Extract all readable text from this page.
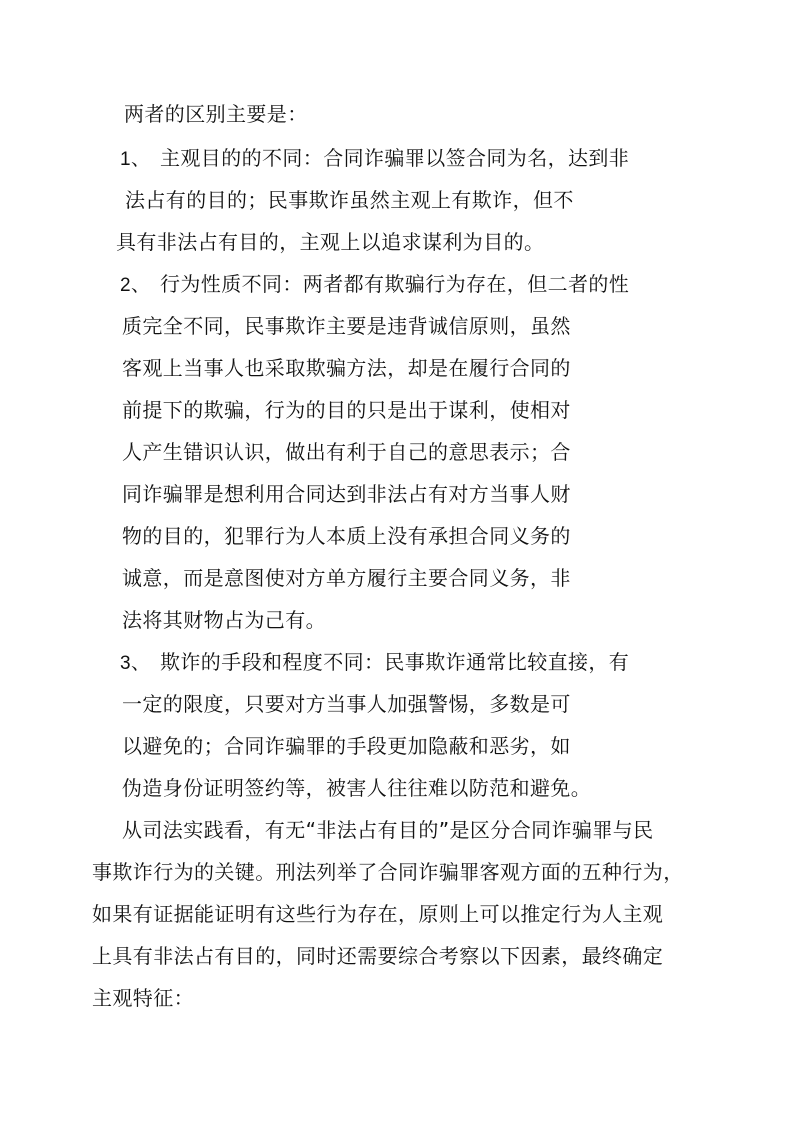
两者的区别主要是：
1、 主观目的的不同：合同诈骗罪以签合同为名，达到非
法占有的目的；民事欺诈虽然主观上有欺诈，但不
具有非法占有目的，主观上以追求谋利为目的。
2、 行为性质不同：两者都有欺骗行为存在，但二者的性
质完全不同，民事欺诈主要是违背诚信原则，虽然
客观上当事人也采取欺骗方法，却是在履行合同的
前提下的欺骗，行为的目的只是出于谋利，使相对
人产生错识认识，做出有利于自己的意思表示；合
同诈骗罪是想利用合同达到非法占有对方当事人财
物的目的，犯罪行为人本质上没有承担合同义务的
诚意，而是意图使对方单方履行主要合同义务，非
法将其财物占为己有。
3、 欺诈的手段和程度不同：民事欺诈通常比较直接，有
一定的限度，只要对方当事人加强警惕，多数是可
以避免的；合同诈骗罪的手段更加隐蔽和恶劣，如
伪造身份证明签约等，被害人往往难以防范和避免。
从司法实践看，有无“非法占有目的”是区分合同诈骗罪与民
事欺诈行为的关键。刑法列举了合同诈骗罪客观方面的五种行为，
如果有证据能证明有这些行为存在，原则上可以推定行为人主观
上具有非法占有目的，同时还需要综合考察以下因素，最终确定
主观特征：
